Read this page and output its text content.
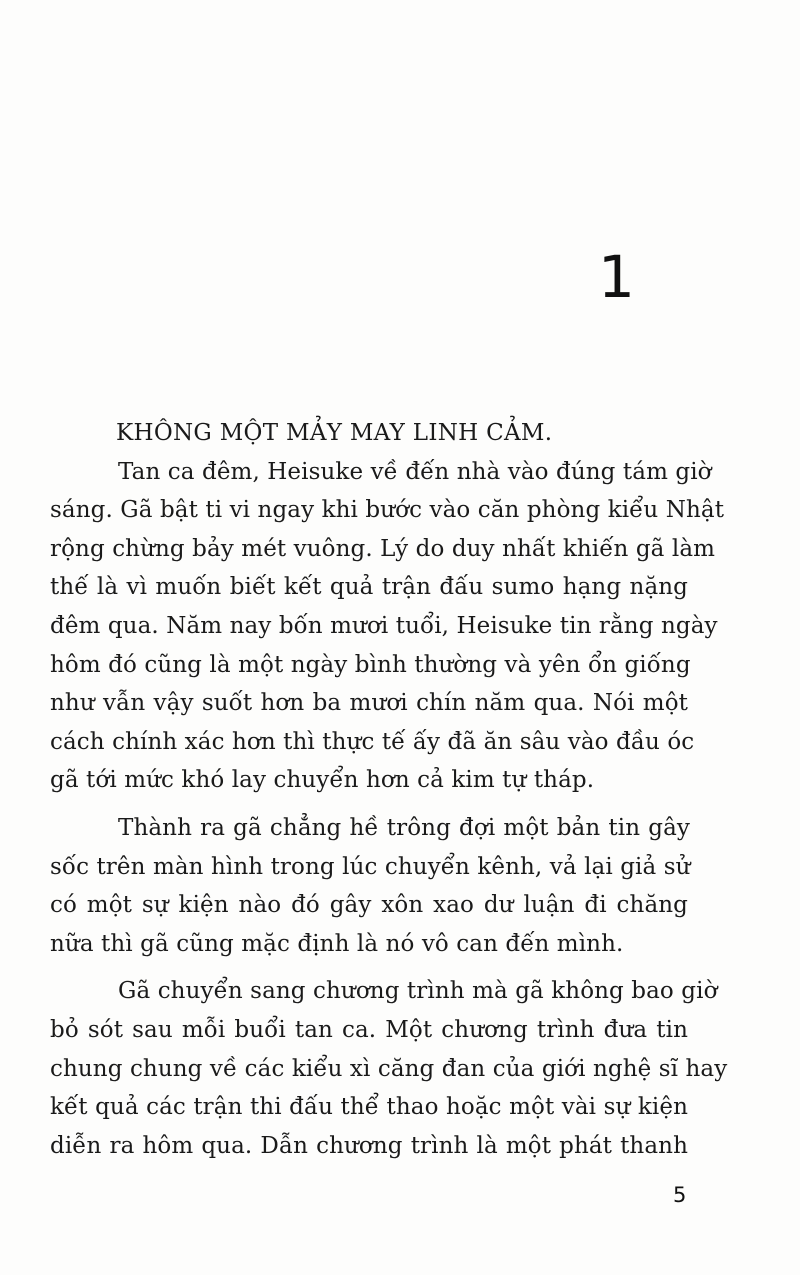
1
KHÔNG MỘT MẢY MAY LINH CẢM.
Tan ca đêm, Heisuke về đến nhà vào đúng tám giờ
sáng. Gã bật ti vi ngay khi bước vào căn phòng kiểu Nhật
rộng chừng bảy mét vuông. Lý do duy nhất khiến gã làm
thế là vì muốn biết kết quả trận đấu sumo hạng nặng
đêm qua. Năm nay bốn mươi tuổi, Heisuke tin rằng ngày
hôm đó cũng là một ngày bình thường và yên ổn giống
như vẫn vậy suốt hơn ba mươi chín năm qua. Nói một
cách chính xác hơn thì thực tế ấy đã ăn sâu vào đầu óc
gã tới mức khó lay chuyển hơn cả kim tự tháp.
Thành ra gã chẳng hề trông đợi một bản tin gây
sốc trên màn hình trong lúc chuyển kênh, vả lại giả sử
có một sự kiện nào đó gây xôn xao dư luận đi chăng
nữa thì gã cũng mặc định là nó vô can đến mình.
Gã chuyển sang chương trình mà gã không bao giờ
bỏ sót sau mỗi buổi tan ca. Một chương trình đưa tin
chung chung về các kiểu xì căng đan của giới nghệ sĩ hay
kết quả các trận thi đấu thể thao hoặc một vài sự kiện
diễn ra hôm qua. Dẫn chương trình là một phát thanh
5
